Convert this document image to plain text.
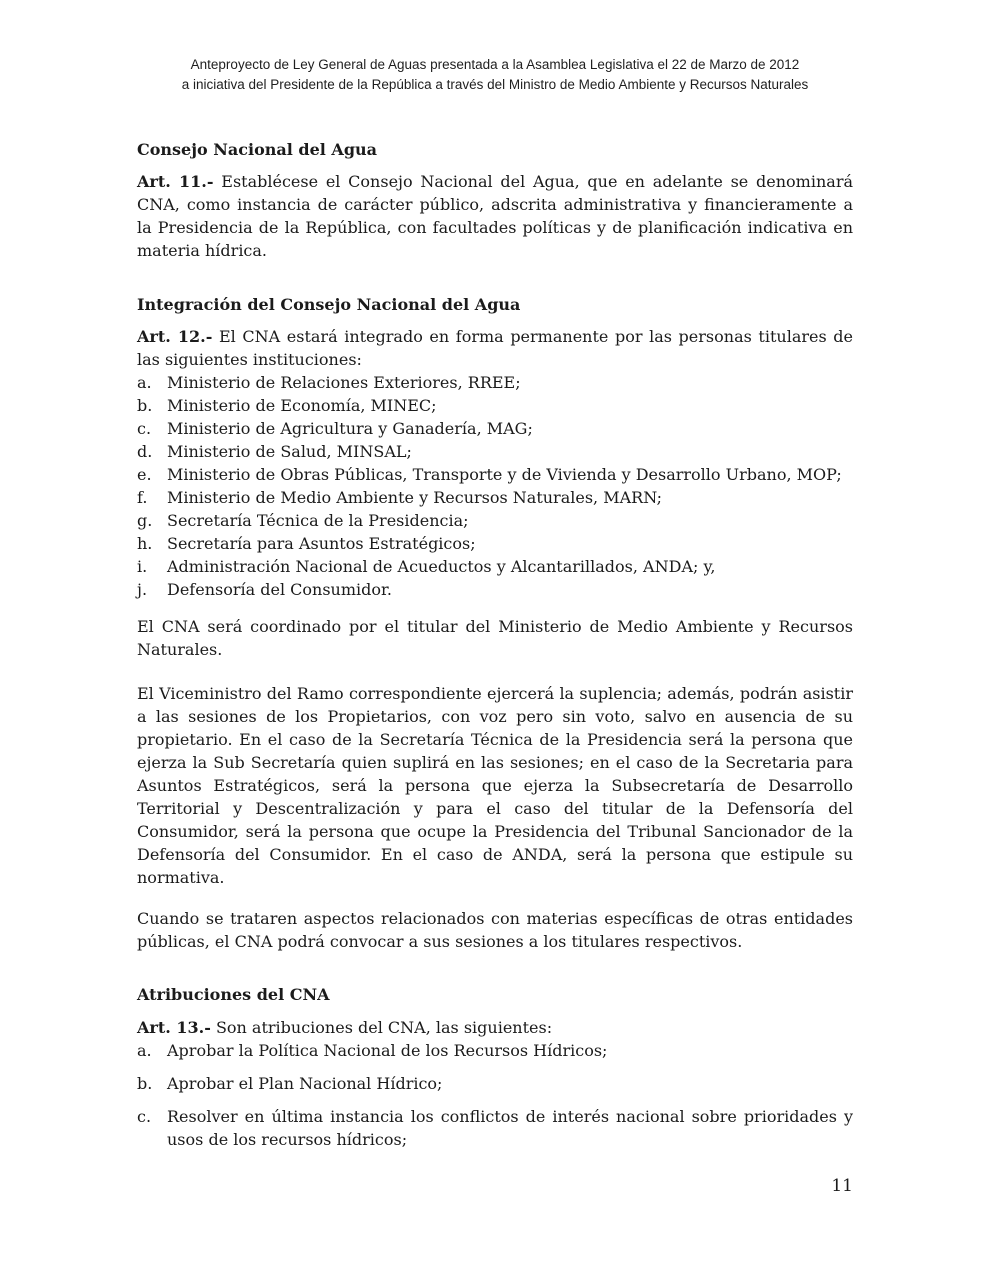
Anteproyecto de Ley General de Aguas presentada a la Asamblea Legislativa el 22 de Marzo de 2012
a iniciativa del Presidente de la República a través del Ministro de Medio Ambiente y Recursos Naturales
Consejo Nacional del Agua

Art. 11.- Establécese el Consejo Nacional del Agua, que en adelante se denominará CNA, como instancia de carácter público, adscrita administrativa y financieramente a la Presidencia de la República, con facultades políticas y de planificación indicativa en materia hídrica.

Integración del Consejo Nacional del Agua

Art. 12.- El CNA estará integrado en forma permanente por las personas titulares de las siguientes instituciones:

a. Ministerio de Relaciones Exteriores, RREE;
b. Ministerio de Economía, MINEC;
c. Ministerio de Agricultura y Ganadería, MAG;
d. Ministerio de Salud, MINSAL;
e. Ministerio de Obras Públicas, Transporte y de Vivienda y Desarrollo Urbano, MOP;
f.	Ministerio de Medio Ambiente y Recursos Naturales, MARN;
g. Secretaría Técnica de la Presidencia;
h. Secretaría para Asuntos Estratégicos;
i.	Administración Nacional de Acueductos y Alcantarillados, ANDA; y,
j.	Defensoría del Consumidor.

El CNA será coordinado por el titular del Ministerio de Medio Ambiente y Recursos Naturales.

El Viceministro del Ramo correspondiente ejercerá la suplencia; además, podrán asistir a las sesiones de los Propietarios, con voz pero sin voto, salvo en ausencia de su propietario. En el caso de la Secretaría Técnica de la Presidencia será la persona que ejerza la Sub Secretaría quien suplirá en las sesiones; en el caso de la Secretaria para Asuntos Estratégicos, será la persona que ejerza la Subsecretaría de Desarrollo Territorial y Descentralización y para el caso del titular de la Defensoría del Consumidor, será la persona que ocupe la Presidencia del Tribunal Sancionador de la Defensoría del Consumidor. En el caso de ANDA, será la persona que estipule su normativa.

Cuando se trataren aspectos relacionados con materias específicas de otras entidades públicas, el CNA podrá convocar a sus sesiones a los titulares respectivos.

Atribuciones del CNA

Art. 13.- Son atribuciones del CNA, las siguientes:

a. Aprobar la Política Nacional de los Recursos Hídricos;
b. Aprobar el Plan Nacional Hídrico;
c. Resolver en última instancia los conflictos de interés nacional sobre prioridades y usos de los recursos hídricos;
11
